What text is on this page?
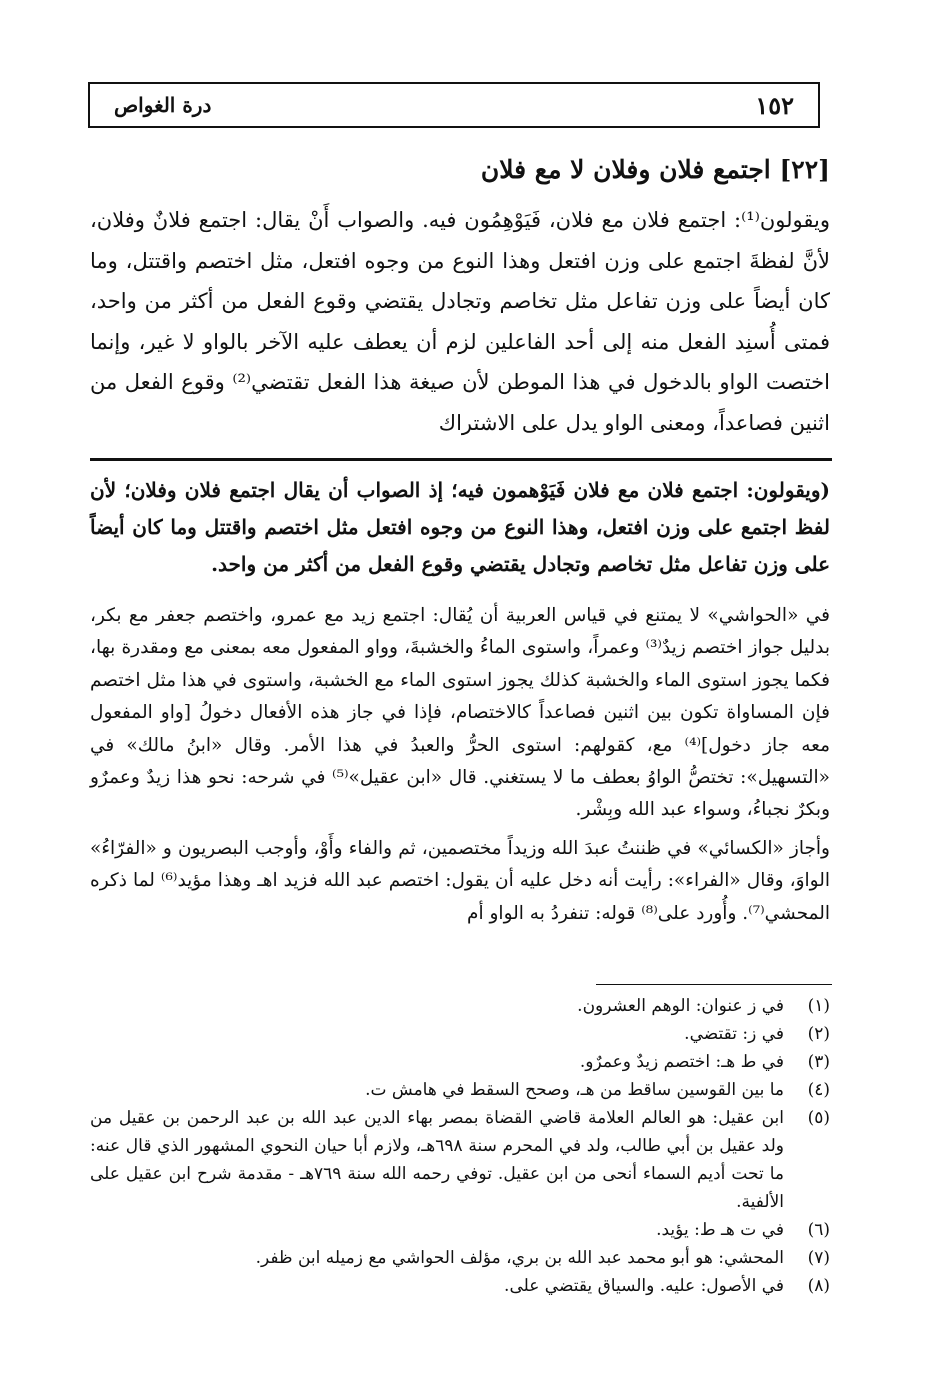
١٥٢
درة الغواص
[٢٢] اجتمع فلان وفلان لا مع فلان
ويقولون⁽¹⁾: اجتمع فلان مع فلان، فَيَوْهِمُون فيه. والصواب أَنْ يقال: اجتمع فلانٌ وفلان، لأنَّ لفظةَ اجتمع على وزن افتعل وهذا النوع من وجوه افتعل، مثل اختصم واقتتل، وما كان أيضاً على وزن تفاعل مثل تخاصم وتجادل يقتضي وقوع الفعل من أكثر من واحد، فمتى أُسنِد الفعل منه إلى أحد الفاعلين لزم أن يعطف عليه الآخر بالواو لا غير، وإنما اختصت الواو بالدخول في هذا الموطن لأن صيغة هذا الفعل تقتضي⁽²⁾ وقوع الفعل من اثنين فصاعداً، ومعنى الواو يدل على الاشتراك
(ويقولون: اجتمع فلان مع فلان فَيَوْهمون فيه؛ إذ الصواب أن يقال اجتمع فلان وفلان؛ لأن لفظ اجتمع على وزن افتعل، وهذا النوع من وجوه افتعل مثل اختصم واقتتل وما كان أيضاً على وزن تفاعل مثل تخاصم وتجادل يقتضي وقوع الفعل من أكثر من واحد.

في «الحواشي» لا يمتنع في قياس العربية أن يُقال: اجتمع زيد مع عمرو، واختصم جعفر مع بكر، بدليل جواز اختصم زيدٌ⁽³⁾ وعمراً، واستوى الماءُ والخشبةَ، وواو المفعول معه بمعنى مع ومقدرة بها، فكما يجوز استوى الماء والخشبة كذلك يجوز استوى الماء مع الخشبة، واستوى في هذا مثل اختصم فإن المساواة تكون بين اثنين فصاعداً كالاختصام، فإذا في جاز هذه الأفعال دخولُ [واو المفعول معه جاز دخول]⁽⁴⁾ مع، كقولهم: استوى الحرُّ والعبدُ في هذا الأمر. وقال «ابنُ مالك» في «التسهيل»: تختصُّ الواوُ بعطف ما لا يستغني. قال «ابن عقيل»⁽⁵⁾ في شرحه: نحو هذا زيدٌ وعمرٌو وبكرٌ نجباءُ، وسواء عبد الله وبِشْر.

وأجاز «الكسائي» في ظننتُ عبدَ الله وزيداً مختصمين، ثم والفاء وأَوْ، وأوجب البصريون و «الفرّاءُ» الواوَ، وقال «الفراء»: رأيت أنه دخل عليه أن يقول: اختصم عبد الله فزيد اهـ وهذا مؤيد⁽⁶⁾ لما ذكره المحشي⁽⁷⁾. وأُورد على⁽⁸⁾ قوله: تنفردُ به الواو أم

(١)
في ز عنوان: الوهم العشرون.
(٢)
في ز: تقتضي.
(٣)
في ط هـ: اختصم زيدٌ وعمرٌو.
(٤)
ما بين القوسين ساقط من هـ، وصحح السقط في هامش ت.
(٥)
ابن عقيل: هو العالم العلامة قاضي القضاة بمصر بهاء الدين عبد الله بن عبد الرحمن بن عقيل من ولد عقيل بن أبي طالب، ولد في المحرم سنة ٦٩٨هـ، ولازم أبا حيان النحوي المشهور الذي قال عنه: ما تحت أديم السماء أنحى من ابن عقيل. توفي رحمه الله سنة ٧٦٩هـ - مقدمة شرح ابن عقيل على الألفية.
(٦)
في ت هـ ط: يؤيد.
(٧)
المحشي: هو أبو محمد عبد الله بن بري، مؤلف الحواشي مع زميله ابن ظفر.
(٨)
في الأصول: عليه. والسياق يقتضي على.
